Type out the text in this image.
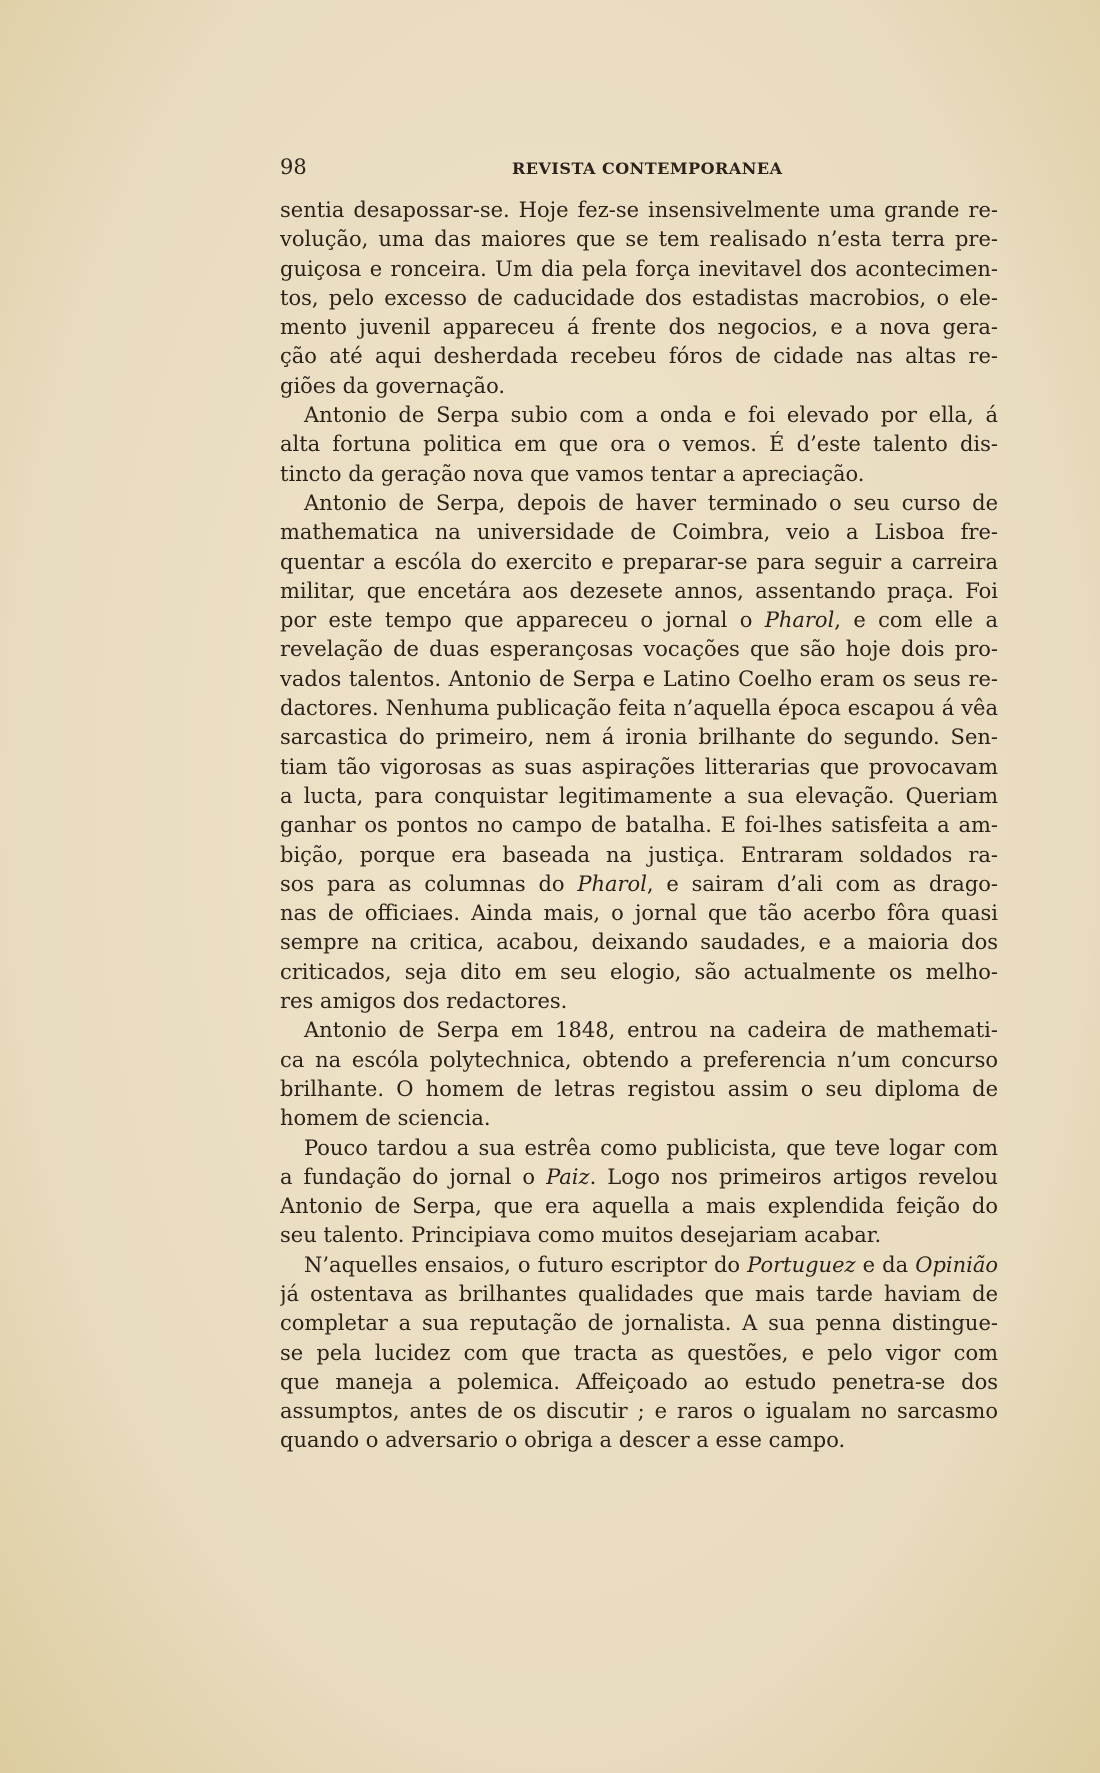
98	REVISTA CONTEMPORANEA
sentia desapossar-se. Hoje fez-se insensivelmente uma grande re-
volução, uma das maiores que se tem realisado n’esta terra pre-
guiçosa e ronceira. Um dia pela força inevitavel dos acontecimen-
tos, pelo excesso de caducidade dos estadistas macrobios, o ele-
mento juvenil appareceu á frente dos negocios, e a nova gera-
ção até aqui desherdada recebeu fóros de cidade nas altas re-
giões da governação.
Antonio de Serpa subio com a onda e foi elevado por ella, á
alta fortuna politica em que ora o vemos. É d’este talento dis-
tincto da geração nova que vamos tentar a apreciação.
Antonio de Serpa, depois de haver terminado o seu curso de
mathematica na universidade de Coimbra, veio a Lisboa fre-
quentar a escóla do exercito e preparar-se para seguir a carreira
militar, que encetára aos dezesete annos, assentando praça. Foi
por este tempo que appareceu o jornal o Pharol, e com elle a
revelação de duas esperançosas vocações que são hoje dois pro-
vados talentos. Antonio de Serpa e Latino Coelho eram os seus re-
dactores. Nenhuma publicação feita n’aquella época escapou á vêa
sarcastica do primeiro, nem á ironia brilhante do segundo. Sen-
tiam tão vigorosas as suas aspirações litterarias que provocavam
a lucta, para conquistar legitimamente a sua elevação. Queriam
ganhar os pontos no campo de batalha. E foi-lhes satisfeita a am-
bição, porque era baseada na justiça. Entraram soldados ra-
sos para as columnas do Pharol, e sairam d’ali com as drago-
nas de officiaes. Ainda mais, o jornal que tão acerbo fôra quasi
sempre na critica, acabou, deixando saudades, e a maioria dos
criticados, seja dito em seu elogio, são actualmente os melho-
res amigos dos redactores.
Antonio de Serpa em 1848, entrou na cadeira de mathemati-
ca na escóla polytechnica, obtendo a preferencia n’um concurso
brilhante. O homem de letras registou assim o seu diploma de
homem de sciencia.
Pouco tardou a sua estrêa como publicista, que teve logar com
a fundação do jornal o Paiz. Logo nos primeiros artigos revelou
Antonio de Serpa, que era aquella a mais explendida feição do
seu talento. Principiava como muitos desejariam acabar.
N’aquelles ensaios, o futuro escriptor do Portuguez e da Opinião
já ostentava as brilhantes qualidades que mais tarde haviam de
completar a sua reputação de jornalista. A sua penna distingue-
se pela lucidez com que tracta as questões, e pelo vigor com
que maneja a polemica. Affeiçoado ao estudo penetra-se dos
assumptos, antes de os discutir ; e raros o igualam no sarcasmo
quando o adversario o obriga a descer a esse campo.
